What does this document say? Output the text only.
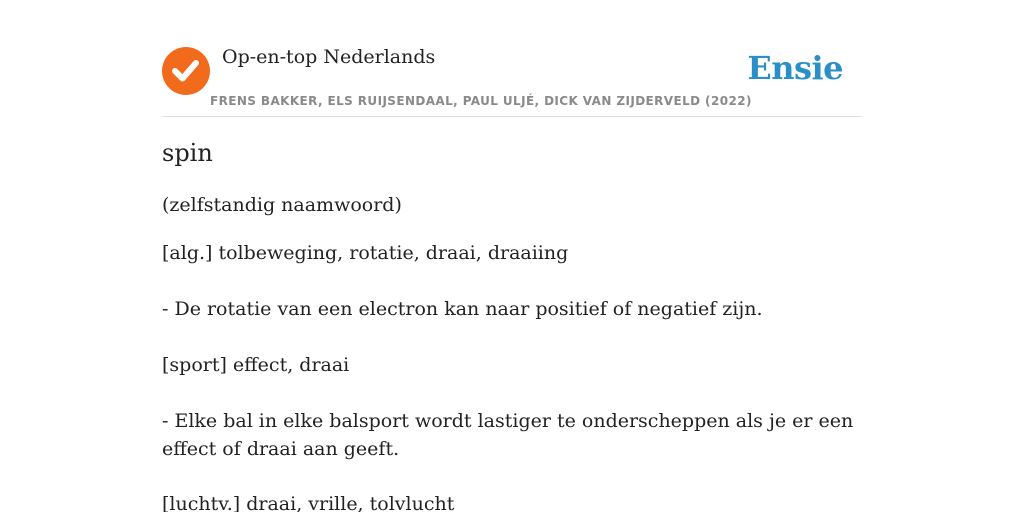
Op-en-top Nederlands
FRENS BAKKER, ELS RUIJSENDAAL, PAUL ULJÉ, DICK VAN ZIJDERVELD (2022)
Ensie
spin
(zelfstandig naamwoord)
[alg.] tolbeweging, rotatie, draai, draaiing
- De rotatie van een electron kan naar positief of negatief zijn.
[sport] effect, draai
- Elke bal in elke balsport wordt lastiger te onderscheppen als je er een effect of draai aan geeft.
[luchtv.] draai, vrille, tolvlucht
